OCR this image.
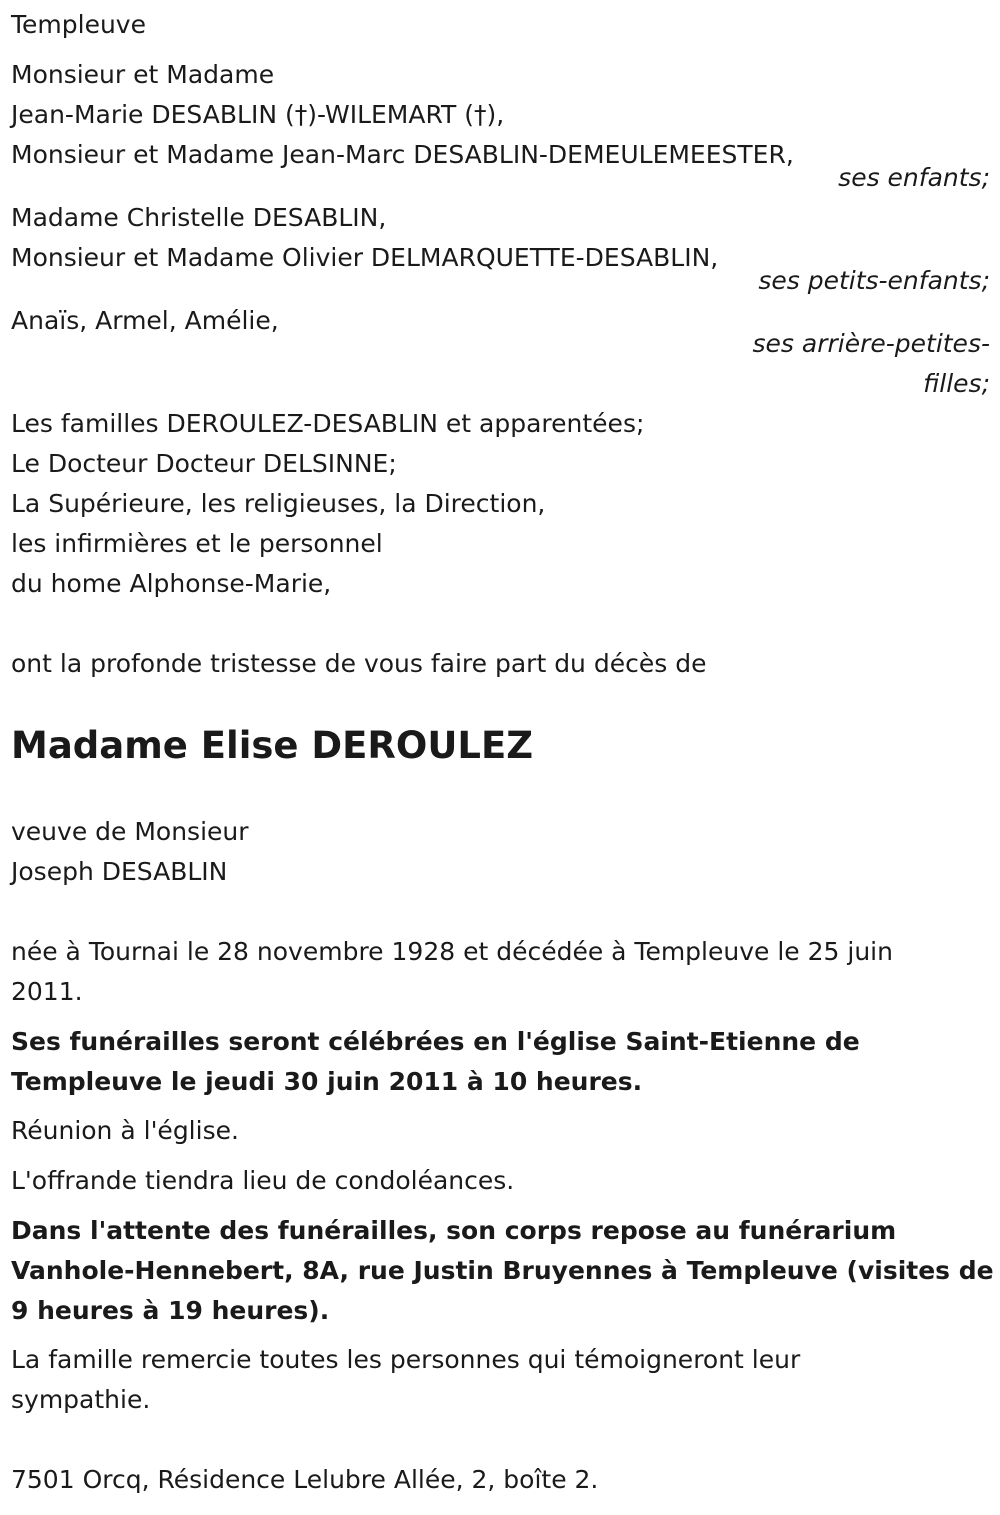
Templeuve
Monsieur et Madame
Jean-Marie DESABLIN (†)-WILEMART (†),
Monsieur et Madame Jean-Marc DESABLIN-DEMEULEMEESTER,
ses enfants;
Madame Christelle DESABLIN,
Monsieur et Madame Olivier DELMARQUETTE-DESABLIN,
ses petits-enfants;
Anaïs, Armel, Amélie,
ses arrière-petites-
filles;
Les familles DEROULEZ-DESABLIN et apparentées;
Le Docteur Docteur DELSINNE;
La Supérieure, les religieuses, la Direction,
les infirmières et le personnel
du home Alphonse-Marie,
ont la profonde tristesse de vous faire part du décès de
Madame Elise DEROULEZ
veuve de Monsieur
Joseph DESABLIN
née à Tournai le 28 novembre 1928 et décédée à Templeuve le 25 juin
2011.
Ses funérailles seront célébrées en l'église Saint-Etienne de
Templeuve le jeudi 30 juin 2011 à 10 heures.
Réunion à l'église.
L'offrande tiendra lieu de condoléances.
Dans l'attente des funérailles, son corps repose au funérarium
Vanhole-Hennebert, 8A, rue Justin Bruyennes à Templeuve (visites de
9 heures à 19 heures).
La famille remercie toutes les personnes qui témoigneront leur
sympathie.
7501 Orcq, Résidence Lelubre Allée, 2, boîte 2.
